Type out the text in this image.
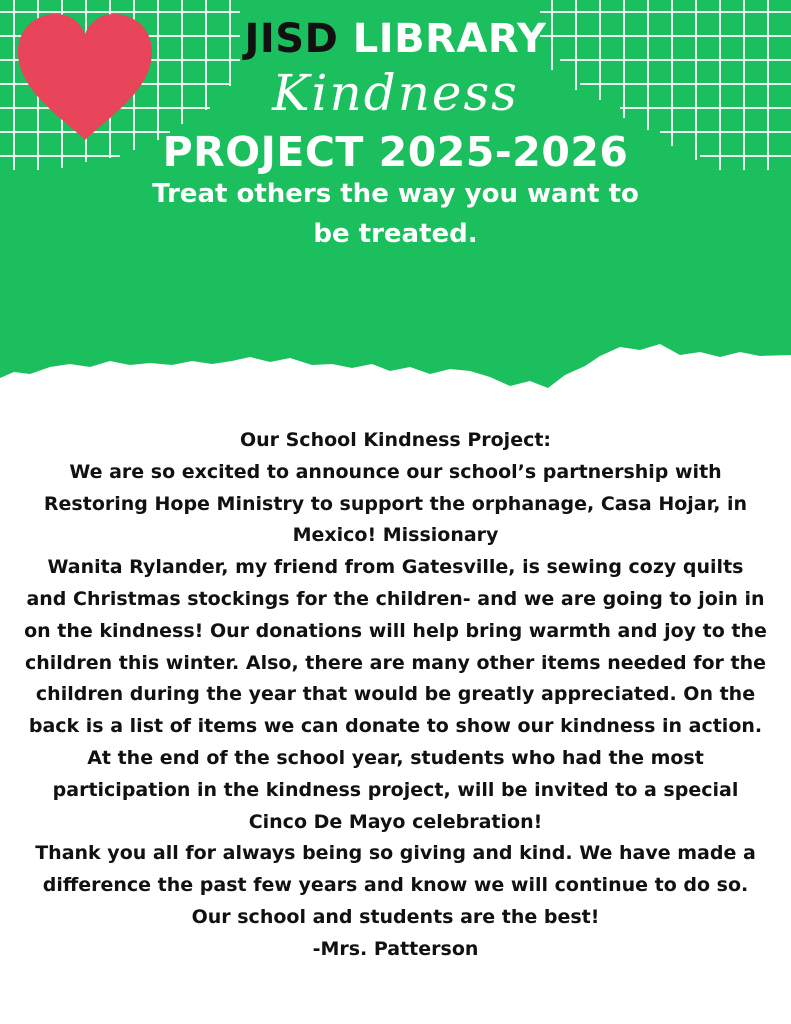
JISD LIBRARY
Kindness
PROJECT 2025-2026
Treat others the way you want to
be treated.

Our School Kindness Project:

We are so excited to announce our school’s partnership with

Restoring Hope Ministry to support the orphanage, Casa Hojar, in

Mexico! Missionary

Wanita Rylander, my friend from Gatesville, is sewing cozy quilts

and Christmas stockings for the children- and we are going to join in

on the kindness! Our donations will help bring warmth and joy to the

children this winter. Also, there are many other items needed for the

children during the year that would be greatly appreciated. On the

back is a list of items we can donate to show our kindness in action.

At the end of the school year, students who had the most

participation in the kindness project, will be invited to a special

Cinco De Mayo celebration!

Thank you all for always being so giving and kind. We have made a

difference the past few years and know we will continue to do so.

Our school and students are the best!

-Mrs. Patterson
